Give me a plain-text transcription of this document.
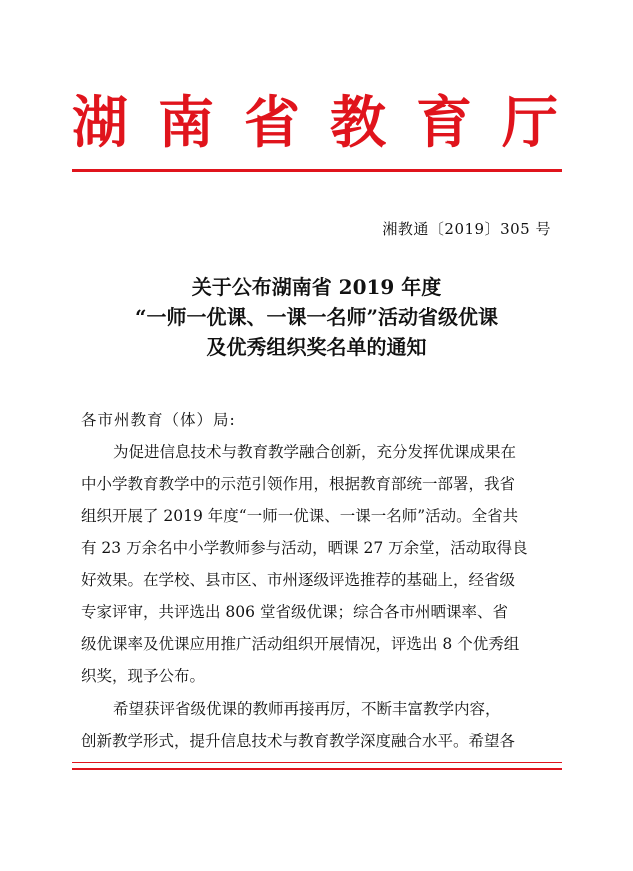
湖 南 省 教 育 厅
湘教通〔2019〕305 号
关于公布湖南省 2019 年度
“一师一优课、一课一名师”活动省级优课
及优秀组织奖名单的通知
各市州教育（体）局:
为促进信息技术与教育教学融合创新，充分发挥优课成果在
中小学教育教学中的示范引领作用，根据教育部统一部署，我省
组织开展了 2019 年度“一师一优课、一课一名师”活动。全省共
有 23 万余名中小学教师参与活动，晒课 27 万余堂，活动取得良
好效果。在学校、县市区、市州逐级评选推荐的基础上，经省级
专家评审，共评选出 806 堂省级优课；综合各市州晒课率、省
级优课率及优课应用推广活动组织开展情况，评选出 8 个优秀组
织奖，现予公布。
希望获评省级优课的教师再接再厉，不断丰富教学内容，
创新教学形式，提升信息技术与教育教学深度融合水平。希望各
